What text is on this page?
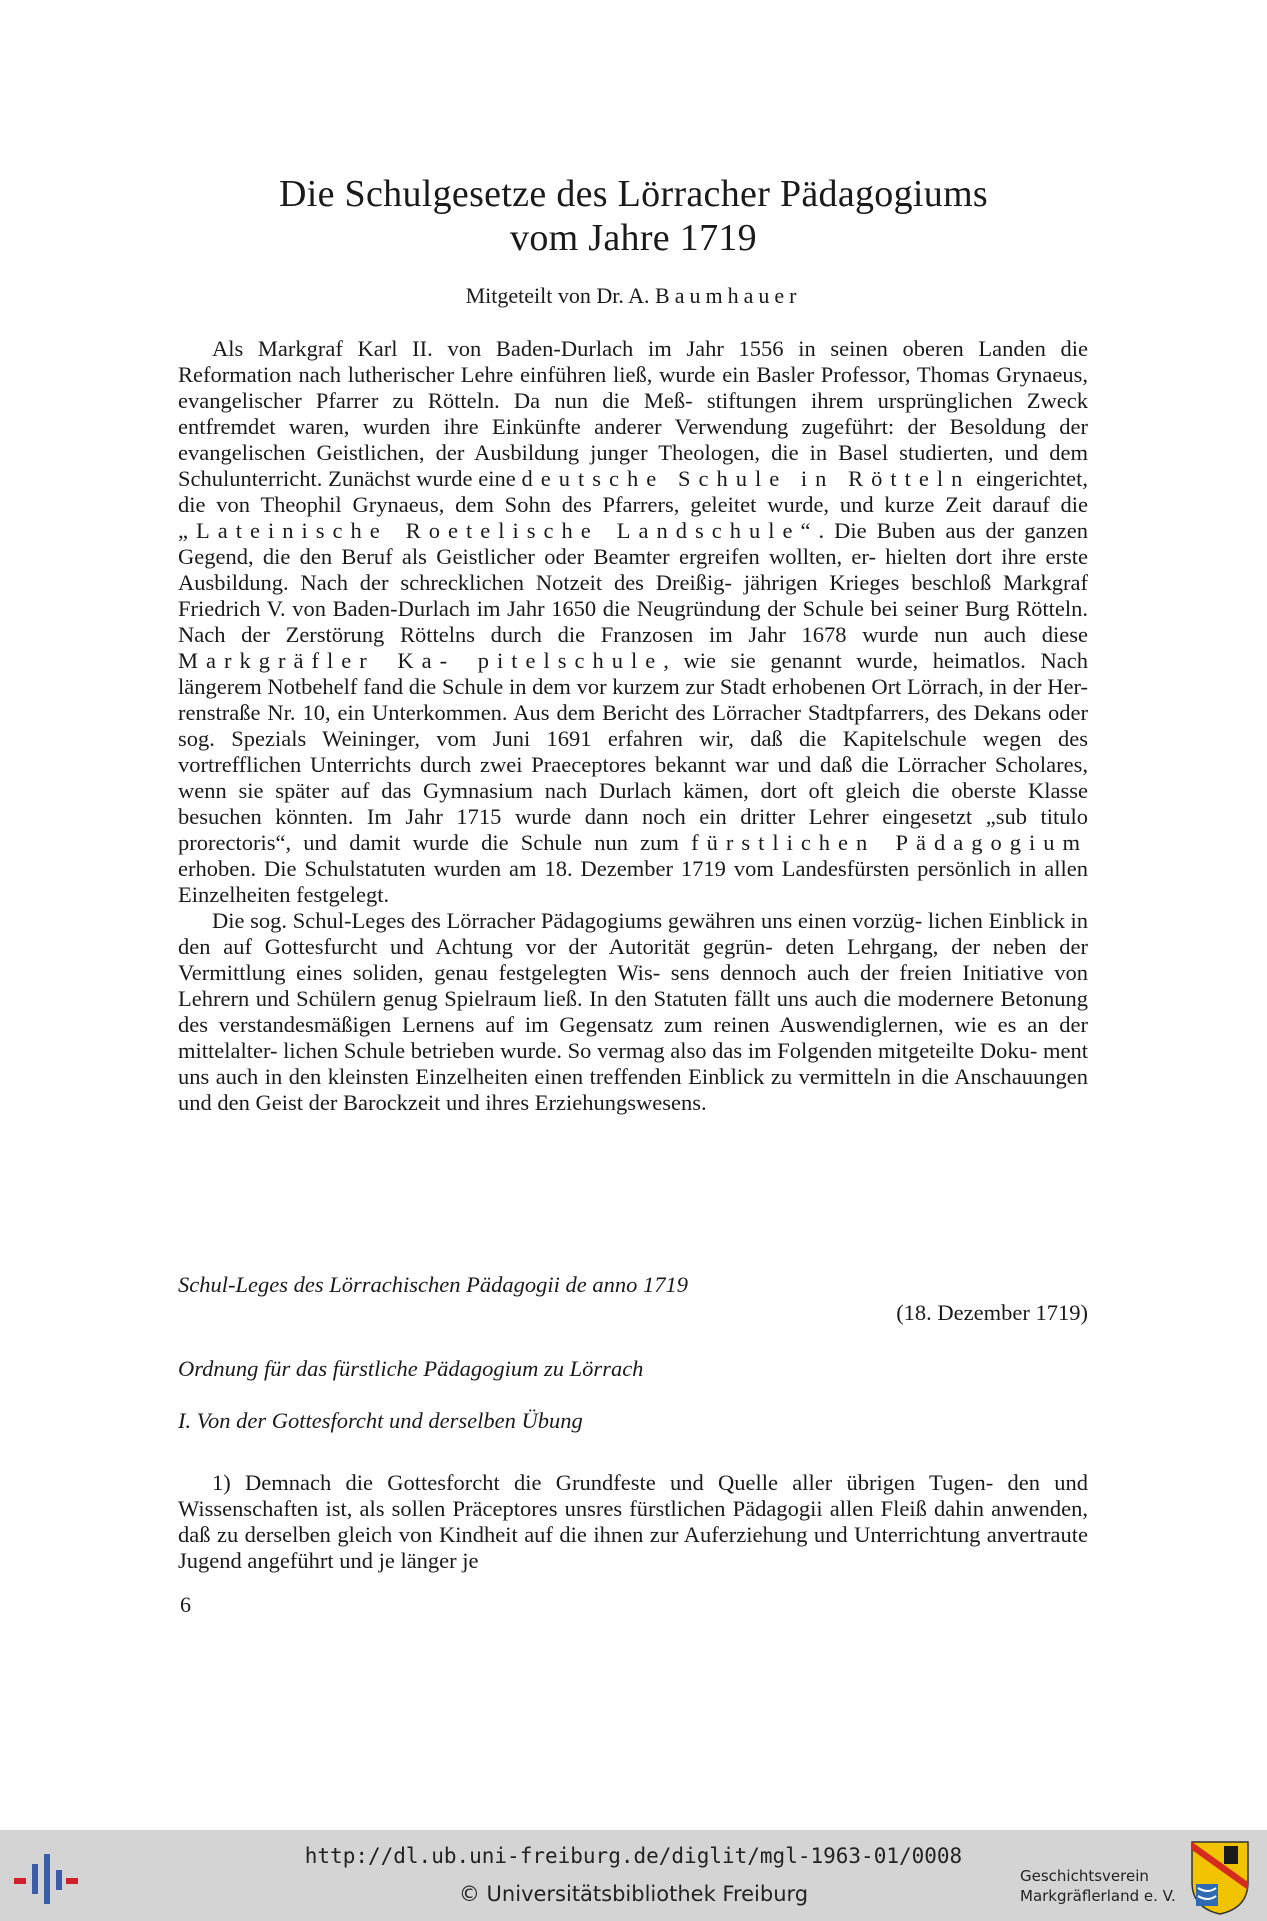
Die Schulgesetze des Lörracher Pädagogiums
vom Jahre 1719
Mitgeteilt von Dr. A. Baumhauer

Als Markgraf Karl II. von Baden-Durlach im Jahr 1556 in seinen oberen Landen die Reformation nach lutherischer Lehre einführen ließ, wurde ein Basler Professor, Thomas Grynaeus, evangelischer Pfarrer zu Rötteln. Da nun die Meß- stiftungen ihrem ursprünglichen Zweck entfremdet waren, wurden ihre Einkünfte anderer Verwendung zugeführt: der Besoldung der evangelischen Geistlichen, der Ausbildung junger Theologen, die in Basel studierten, und dem Schulunterricht. Zunächst wurde eine deutsche Schule in Rötteln eingerichtet, die von Theophil Grynaeus, dem Sohn des Pfarrers, geleitet wurde, und kurze Zeit darauf die „Lateinische Roetelische Landschule“. Die Buben aus der ganzen Gegend, die den Beruf als Geistlicher oder Beamter ergreifen wollten, er- hielten dort ihre erste Ausbildung. Nach der schrecklichen Notzeit des Dreißig- jährigen Krieges beschloß Markgraf Friedrich V. von Baden-Durlach im Jahr 1650 die Neugründung der Schule bei seiner Burg Rötteln. Nach der Zerstörung Röttelns durch die Franzosen im Jahr 1678 wurde nun auch diese Markgräfler Ka- pitelschule, wie sie genannt wurde, heimatlos. Nach längerem Notbehelf fand die Schule in dem vor kurzem zur Stadt erhobenen Ort Lörrach, in der Her- renstraße Nr. 10, ein Unterkommen. Aus dem Bericht des Lörracher Stadtpfarrers, des Dekans oder sog. Spezials Weininger, vom Juni 1691 erfahren wir, daß die Kapitelschule wegen des vortrefflichen Unterrichts durch zwei Praeceptores bekannt war und daß die Lörracher Scholares, wenn sie später auf das Gymnasium nach Durlach kämen, dort oft gleich die oberste Klasse besuchen könnten. Im Jahr 1715 wurde dann noch ein dritter Lehrer eingesetzt „sub titulo prorectoris“, und damit wurde die Schule nun zum fürstlichen Pädagogium erhoben. Die Schulstatuten wurden am 18. Dezember 1719 vom Landesfürsten persönlich in allen Einzelheiten festgelegt.

Die sog. Schul-Leges des Lörracher Pädagogiums gewähren uns einen vorzüg- lichen Einblick in den auf Gottesfurcht und Achtung vor der Autorität gegrün- deten Lehrgang, der neben der Vermittlung eines soliden, genau festgelegten Wis- sens dennoch auch der freien Initiative von Lehrern und Schülern genug Spielraum ließ. In den Statuten fällt uns auch die modernere Betonung des verstandesmäßigen Lernens auf im Gegensatz zum reinen Auswendiglernen, wie es an der mittelalter- lichen Schule betrieben wurde. So vermag also das im Folgenden mitgeteilte Doku- ment uns auch in den kleinsten Einzelheiten einen treffenden Einblick zu vermitteln in die Anschauungen und den Geist der Barockzeit und ihres Erziehungswesens.

Schul-Leges des Lörrachischen Pädagogii de anno 1719
(18. Dezember 1719)
Ordnung für das fürstliche Pädagogium zu Lörrach
I. Von der Gottesforcht und derselben Übung
1) Demnach die Gottesforcht die Grundfeste und Quelle aller übrigen Tugen- den und Wissenschaften ist, als sollen Präceptores unsres fürstlichen Pädagogii allen Fleiß dahin anwenden, daß zu derselben gleich von Kindheit auf die ihnen zur Auferziehung und Unterrichtung anvertraute Jugend angeführt und je länger je
6
http://dl.ub.uni-freiburg.de/diglit/mgl-1963-01/0008
© Universitätsbibliothek Freiburg
Geschichtsverein
Markgräflerland e. V.
